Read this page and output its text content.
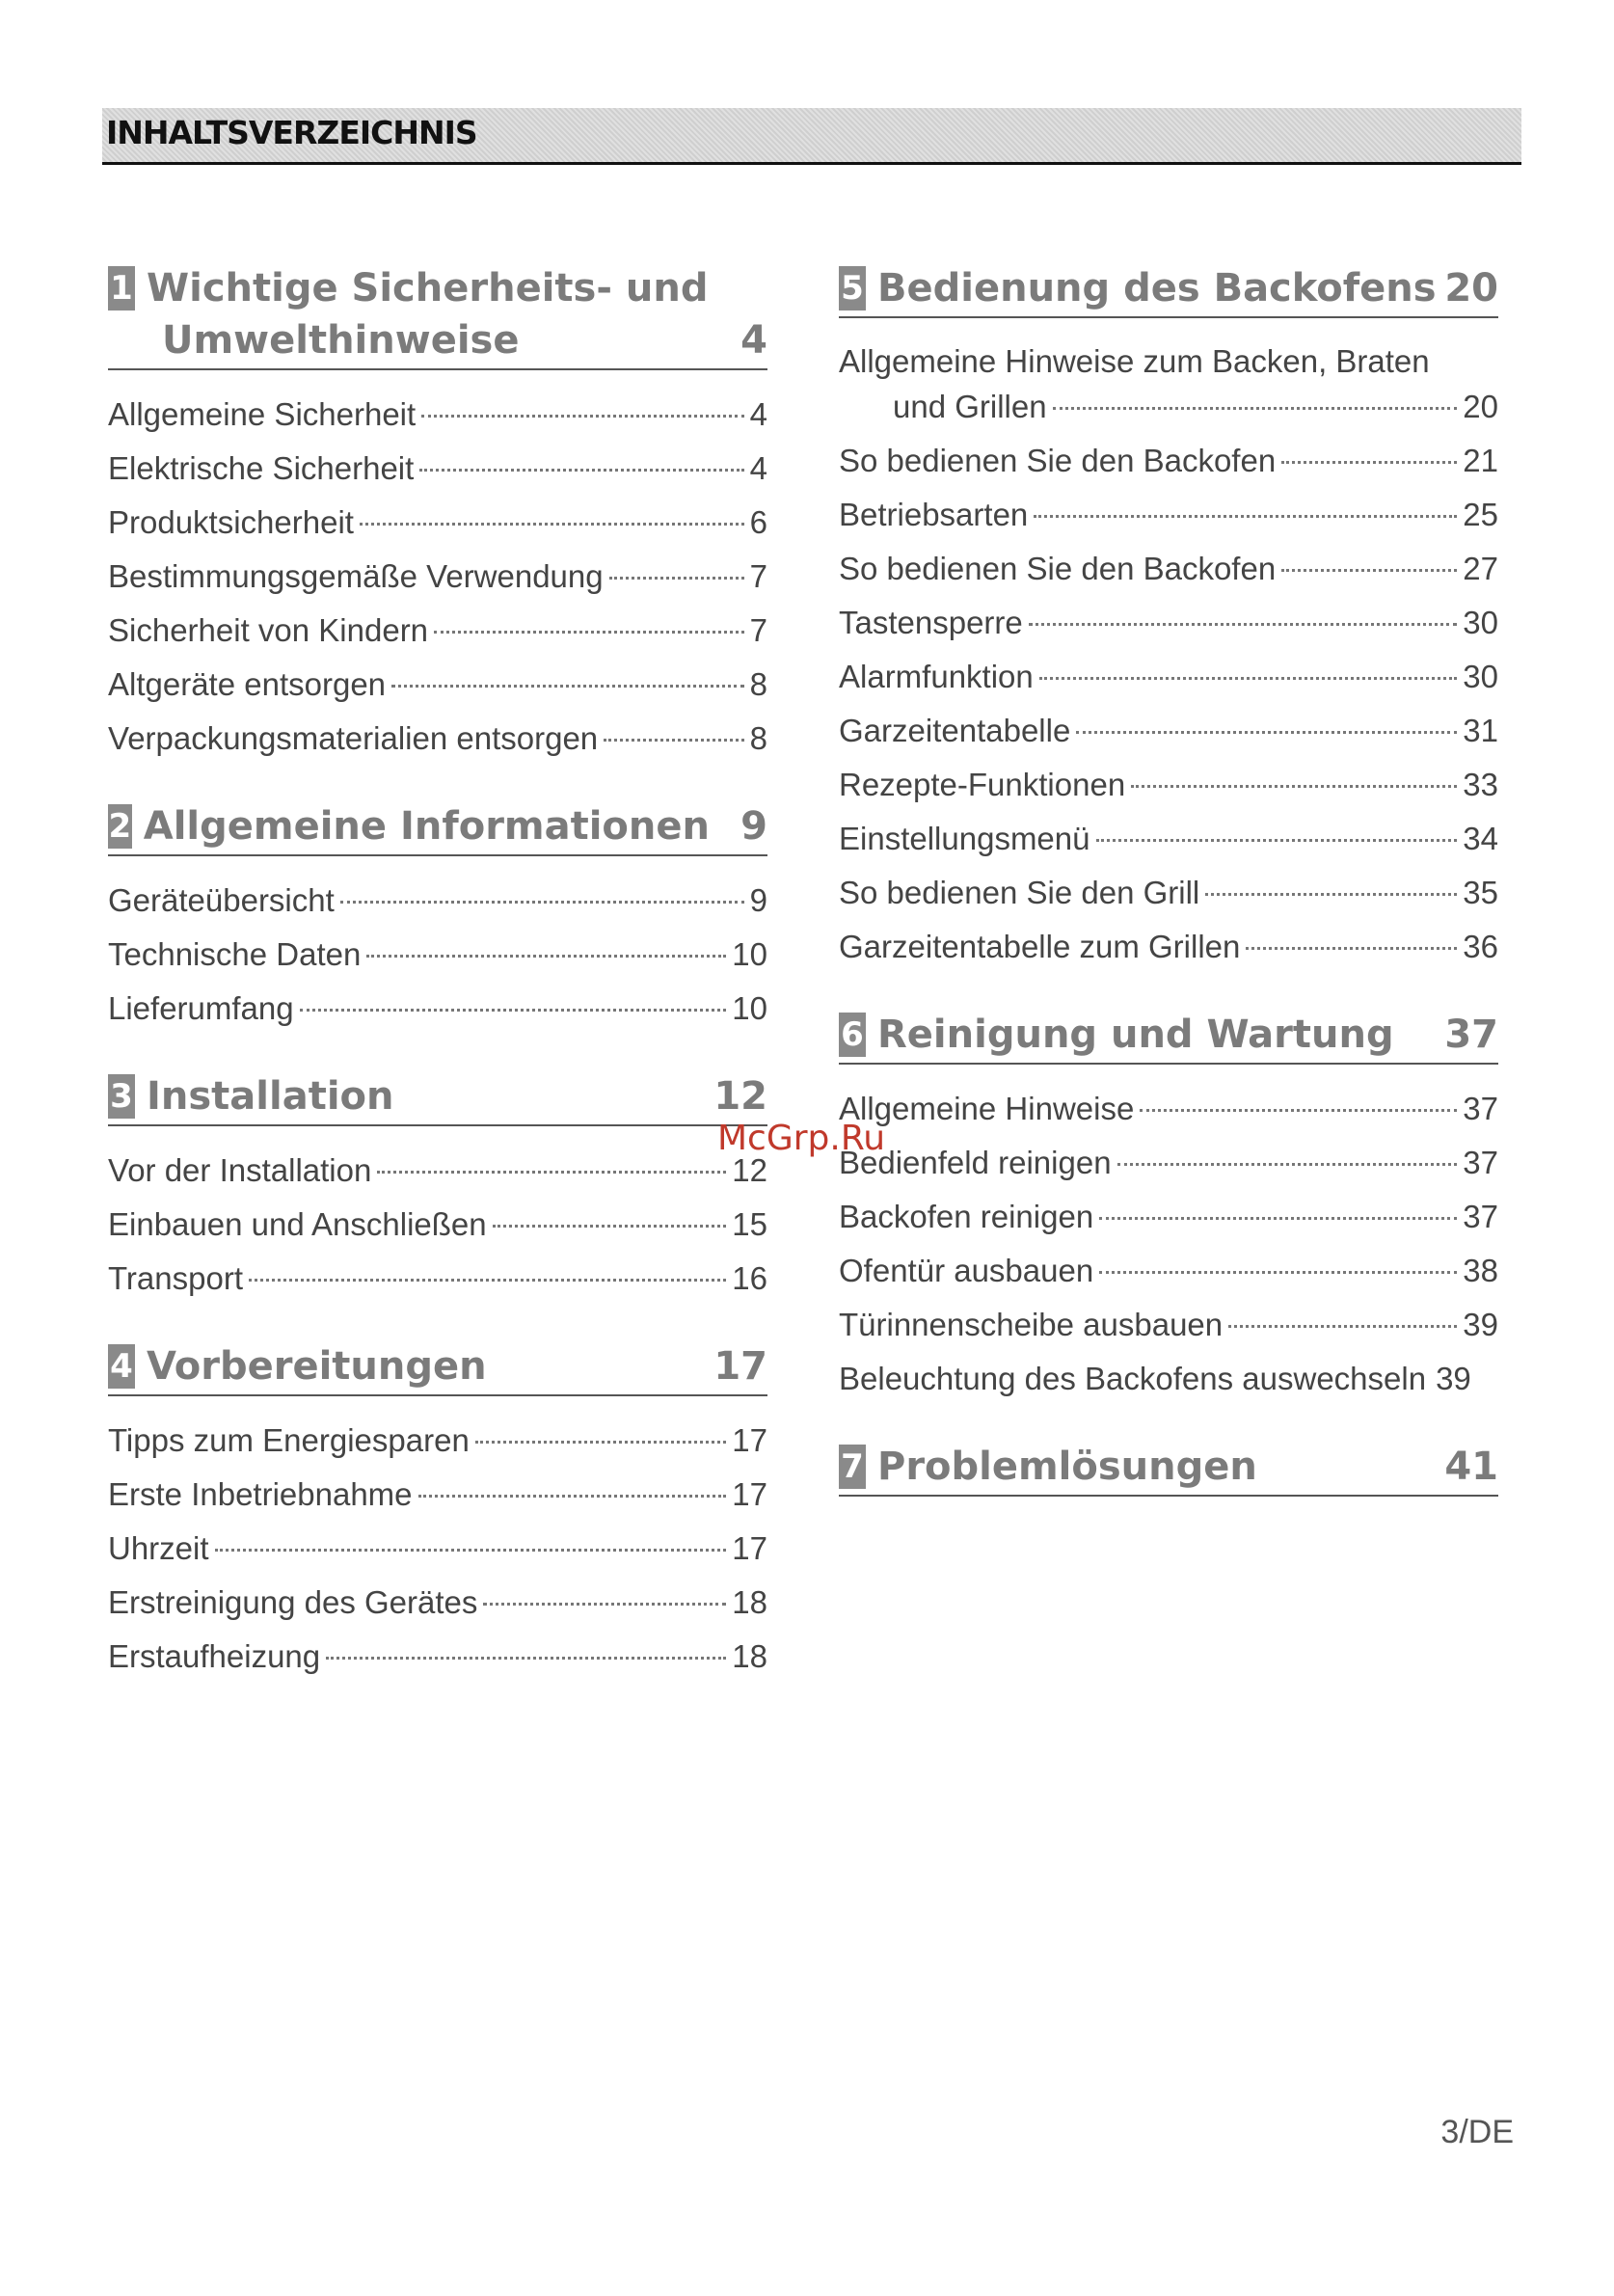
INHALTSVERZEICHNIS
1 Wichtige Sicherheits- und
Umwelthinweise	4
Allgemeine Sicherheit	4
Elektrische Sicherheit	4
Produktsicherheit	6
Bestimmungsgemäße Verwendung	7
Sicherheit von Kindern	7
Altgeräte entsorgen	8
Verpackungsmaterialien entsorgen	8
2 Allgemeine Informationen 9
Geräteübersicht	9
Technische Daten	10
Lieferumfang	10
3 Installation	12
Vor der Installation	12
Einbauen und Anschließen	15
Transport	16
4 Vorbereitungen	17
Tipps zum Energiesparen	17
Erste Inbetriebnahme	17
Uhrzeit	17
Erstreinigung des Gerätes	18
Erstaufheizung	18
5 Bedienung des Backofens 20
Allgemeine Hinweise zum Backen, Braten
und Grillen	20
So bedienen Sie den Backofen	21
Betriebsarten	25
So bedienen Sie den Backofen	27
Tastensperre	30
Alarmfunktion	30
Garzeitentabelle	31
Rezepte-Funktionen	33
Einstellungsmenü	34
So bedienen Sie den Grill	35
Garzeitentabelle zum Grillen	36
6 Reinigung und Wartung	37
Allgemeine Hinweise	37
Bedienfeld reinigen	37
Backofen reinigen	37
Ofentür ausbauen	38
Türinnenscheibe ausbauen	39
Beleuchtung des Backofens auswechseln 39
7 Problemlösungen	41
McGrp.Ru
3/DE
